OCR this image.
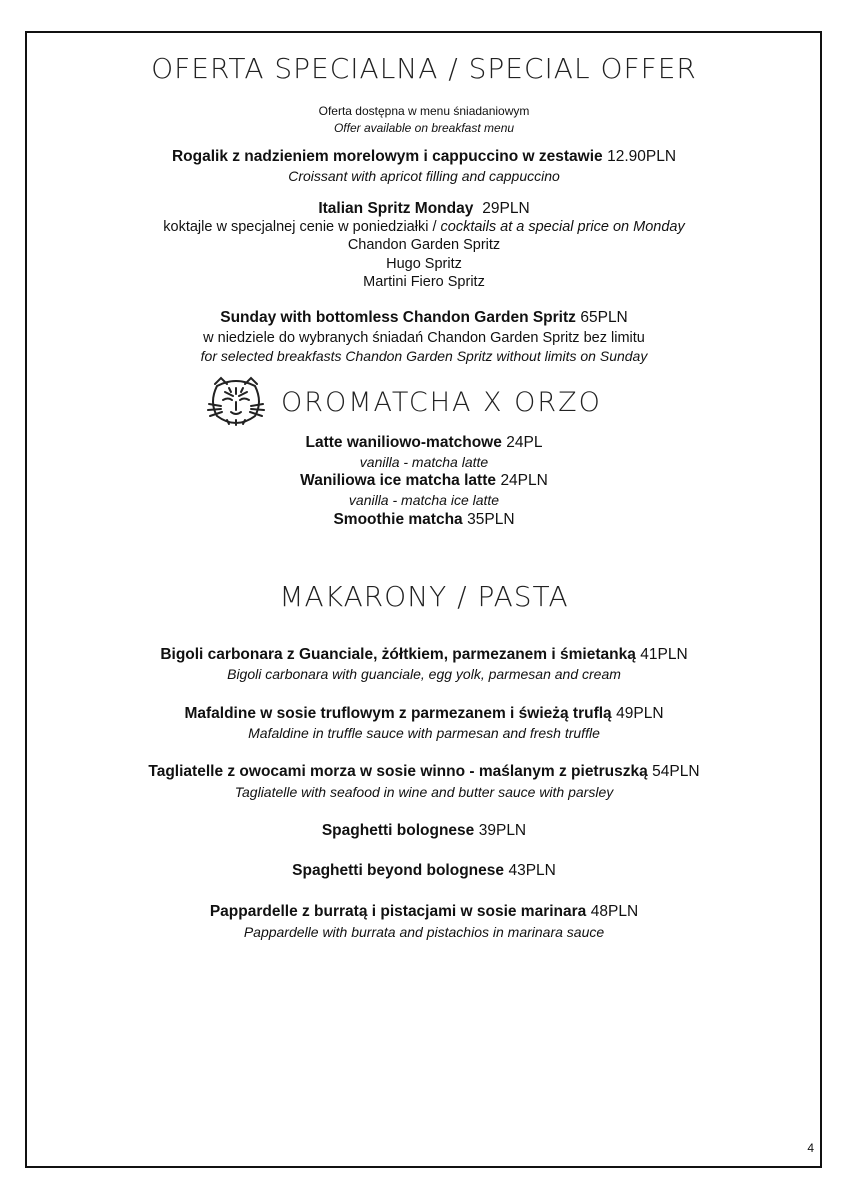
OFERTA SPECIALNA / SPECIAL OFFER
Oferta dostępna w menu śniadaniowym
Offer available on breakfast menu
Rogalik z nadzieniem morelowym i cappuccino w zestawie 12.90PLN
Croissant with apricot filling and cappuccino
Italian Spritz Monday 29PLN
koktajle w specjalnej cenie w poniedziałki / cocktails at a special price on Monday
Chandon Garden Spritz
Hugo Spritz
Martini Fiero Spritz
Sunday with bottomless Chandon Garden Spritz 65PLN
w niedziele do wybranych śniadań Chandon Garden Spritz bez limitu
for selected breakfasts Chandon Garden Spritz without limits on Sunday
OROMATCHA X ORZO
Latte waniliowo-matchowe 24PL
vanilla - matcha latte
Waniliowa ice matcha latte 24PLN
vanilla - matcha ice latte
Smoothie matcha 35PLN
MAKARONY / PASTA
Bigoli carbonara z Guanciale, żółtkiem, parmezanem i śmietanką 41PLN
Bigoli carbonara with guanciale, egg yolk, parmesan and cream
Mafaldine w sosie truflowym z parmezanem i świeżą truflą 49PLN
Mafaldine in truffle sauce with parmesan and fresh truffle
Tagliatelle z owocami morza w sosie winno - maślanym z pietruszką 54PLN
Tagliatelle with seafood in wine and butter sauce with parsley
Spaghetti bolognese 39PLN
Spaghetti beyond bolognese 43PLN
Pappardelle z burratą i pistacjami w sosie marinara 48PLN
Pappardelle with burrata and pistachios in marinara sauce
4
